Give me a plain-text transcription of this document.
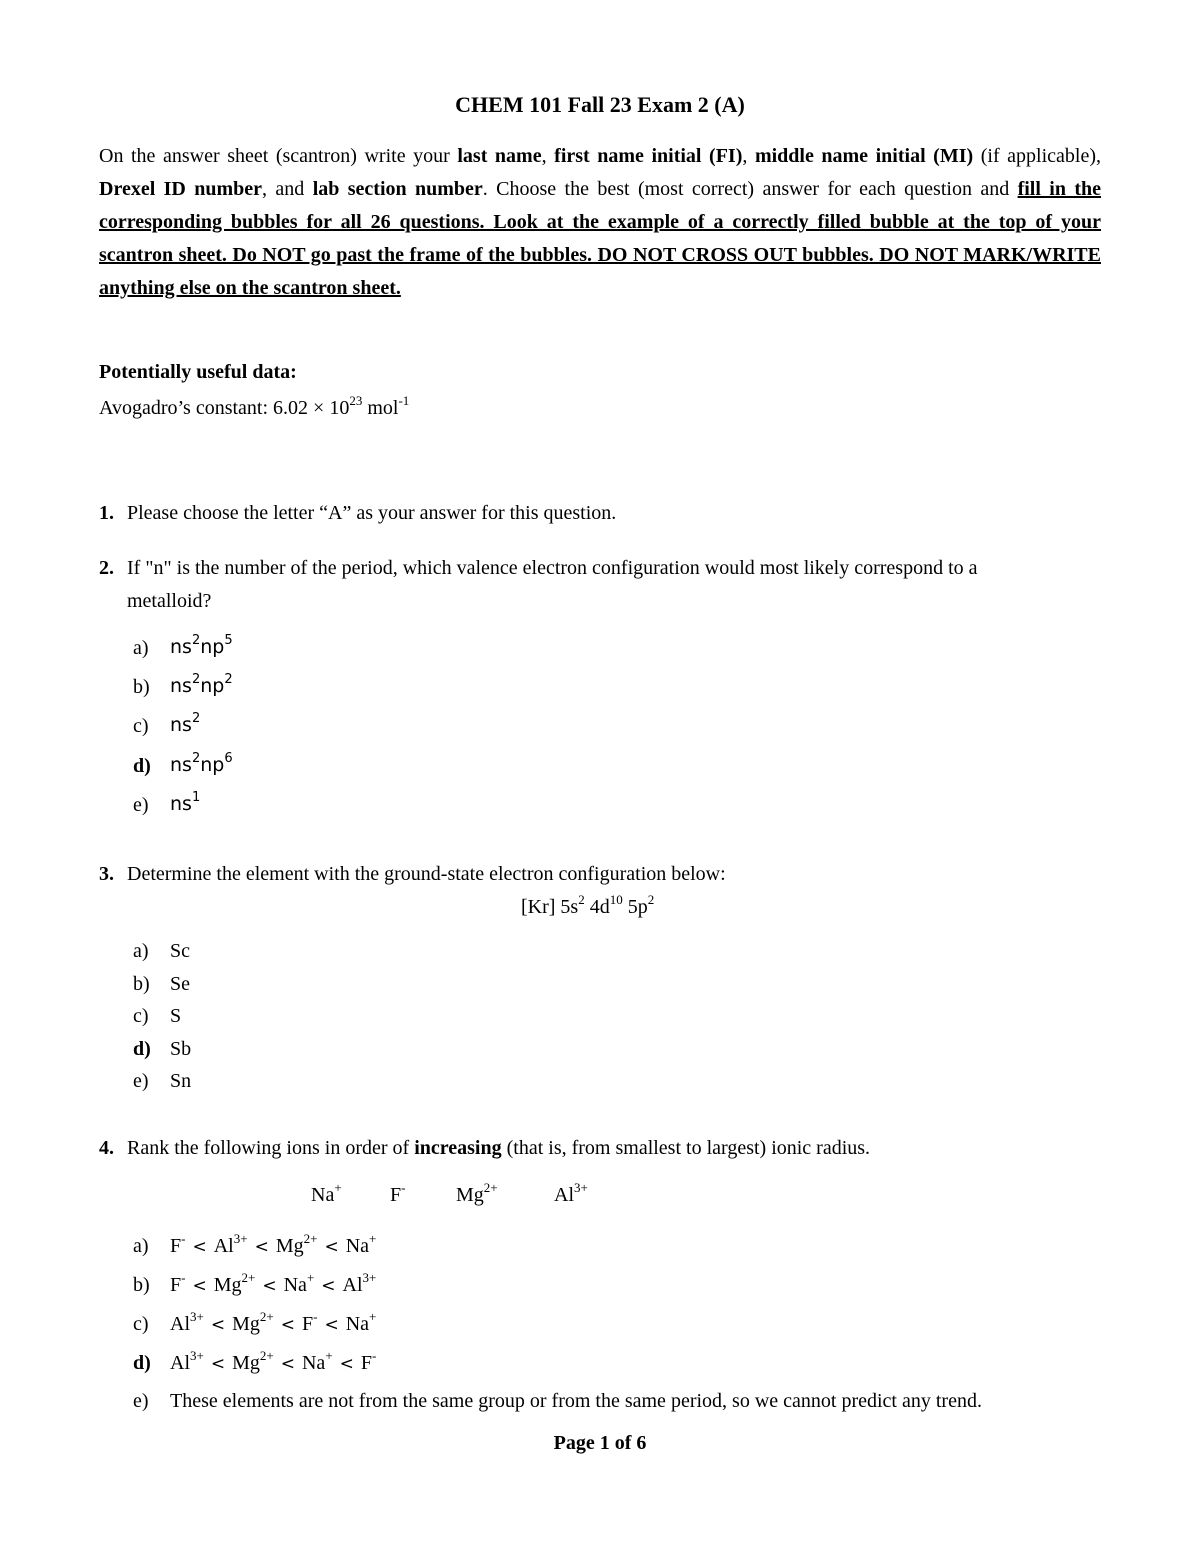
CHEM 101 Fall 23 Exam 2 (A)
On the answer sheet (scantron) write your last name, first name initial (FI), middle name initial (MI) (if applicable), Drexel ID number, and lab section number. Choose the best (most correct) answer for each question and fill in the corresponding bubbles for all 26 questions. Look at the example of a correctly filled bubble at the top of your scantron sheet. Do NOT go past the frame of the bubbles. DO NOT CROSS OUT bubbles. DO NOT MARK/WRITE anything else on the scantron sheet.
Potentially useful data:
Avogadro’s constant: $6.02 \times 10^{23}$ mol$^{-1}$
1. Please choose the letter “A” as your answer for this question.
2. If "n" is the number of the period, which valence electron configuration would most likely correspond to a
metalloid?
a) $ns^2np^5$
b) $ns^2np^2$
c) $ns^2$
d) $ns^2np^6$
e) $ns^1$
3. Determine the element with the ground-state electron configuration below:
[Kr] $5s^2$ $4d^{10}$ $5p^2$
a) Sc
b) Se
c) S
d) Sb
e) Sn
4. Rank the following ions in order of increasing (that is, from smallest to largest) ionic radius.
Na+ F-	$Mg^{2+}$	$Al^{3+}$
a) $F^- < Al^{3+} < Mg^{2+} < Na^+$
b) $F^- < Mg^{2+} < Na^+ < Al^{3+}$
c) $Al^{3+} < Mg^{2+} < F^- < Na^+$
d) $Al^{3+} < Mg^{2+} < Na^+ < F^-$
e) These elements are not from the same group or from the same period, so we cannot predict any trend.
Page 1 of 6
